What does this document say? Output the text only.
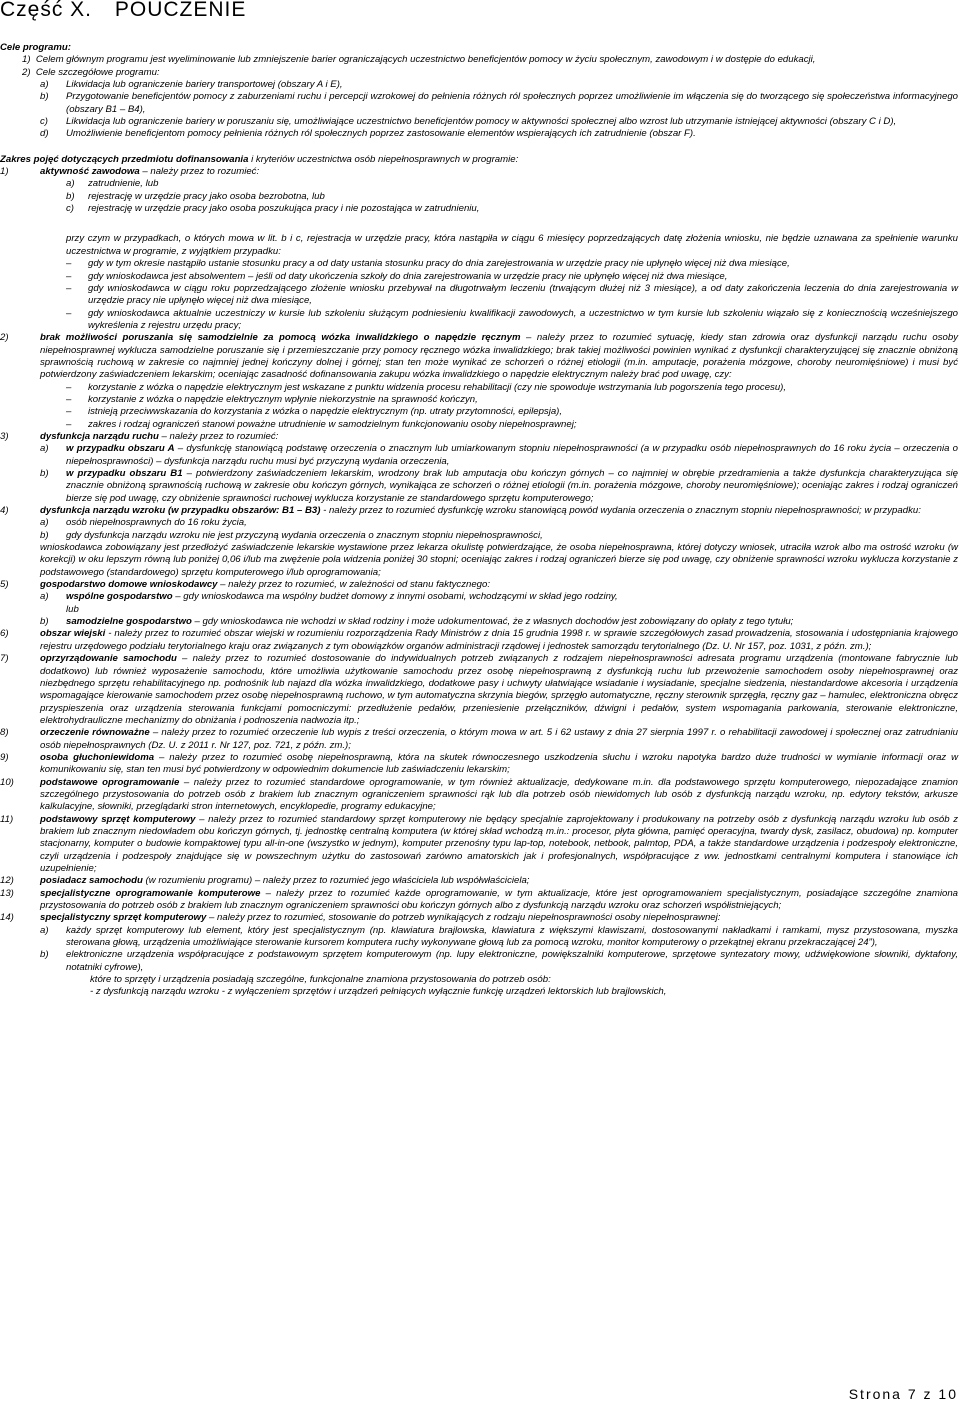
Część X. POUCZENIE

Cele programu:

1)  Celem głównym programu jest wyeliminowanie lub zmniejszenie barier ograniczających uczestnictwo beneficjentów pomocy w życiu społecznym, zawodowym i w dostępie do edukacji,

2)  Cele szczegółowe programu:

a)	Likwidacja lub ograniczenie bariery transportowej (obszary A i E),
b)	Przygotowanie beneficjentów pomocy z zaburzeniami ruchu i percepcji wzrokowej do pełnienia różnych ról społecznych poprzez umożliwienie im włączenia się do tworzącego się społeczeństwa informacyjnego (obszary B1 – B4),
c)	Likwidacja lub ograniczenie bariery w poruszaniu się, umożliwiające uczestnictwo beneficjentów pomocy w aktywności społecznej albo wzrost lub utrzymanie istniejącej aktywności (obszary C i D),
d)	Umożliwienie beneficjentom pomocy pełnienia różnych ról społecznych poprzez zastosowanie elementów wspierających ich zatrudnienie (obszar F).

Zakres pojęć dotyczących przedmiotu dofinansowania i kryteriów uczestnictwa osób niepełnosprawnych w programie:

1)	aktywność zawodowa – należy przez to rozumieć:
a)	zatrudnienie, lub
b)	rejestrację w urzędzie pracy jako osoba bezrobotna, lub
c)	rejestrację w urzędzie pracy jako osoba poszukująca pracy i nie pozostająca w zatrudnieniu,

przy czym w przypadkach, o których mowa w lit. b i c, rejestracja w urzędzie pracy, która nastąpiła w ciągu 6 miesięcy poprzedzających datę złożenia wniosku, nie będzie uznawana za spełnienie warunku uczestnictwa w programie, z wyjątkiem przypadku:

–	gdy w tym okresie nastąpiło ustanie stosunku pracy a od daty ustania stosunku pracy do dnia zarejestrowania w urzędzie pracy nie upłynęło więcej niż dwa miesiące,
–	gdy wnioskodawca jest absolwentem – jeśli od daty ukończenia szkoły do dnia zarejestrowania w urzędzie pracy nie upłynęło więcej niż dwa miesiące,
–	gdy wnioskodawca w ciągu roku poprzedzającego złożenie wniosku przebywał na długotrwałym leczeniu (trwającym dłużej niż 3 miesiące), a od daty zakończenia leczenia do dnia zarejestrowania w urzędzie pracy nie upłynęło więcej niż dwa miesiące,
–	gdy wnioskodawca aktualnie uczestniczy w kursie lub szkoleniu służącym podniesieniu kwalifikacji zawodowych, a uczestnictwo w tym kursie lub szkoleniu wiązało się z koniecznością wcześniejszego wykreślenia z rejestru urzędu pracy;
2)	brak możliwości poruszania się samodzielnie za pomocą wózka inwalidzkiego o napędzie ręcznym – należy przez to rozumieć sytuację, kiedy stan zdrowia oraz dysfunkcji narządu ruchu osoby niepełnosprawnej wyklucza samodzielne poruszanie się i przemieszczanie przy pomocy ręcznego wózka inwalidzkiego; brak takiej możliwości powinien wynikać z dysfunkcji charakteryzującej się znacznie obniżoną sprawnością ruchową w zakresie co najmniej jednej kończyny dolnej i górnej; stan ten może wynikać ze schorzeń o różnej etiologii (m.in. amputacje, porażenia mózgowe, choroby neuromięśniowe) i musi być potwierdzony zaświadczeniem lekarskim; oceniając zasadność dofinansowania zakupu wózka inwalidzkiego o napędzie elektrycznym należy brać pod uwagę, czy:
–	korzystanie z wózka o napędzie elektrycznym jest wskazane z punktu widzenia procesu rehabilitacji (czy nie spowoduje wstrzymania lub pogorszenia tego procesu),
–	korzystanie z wózka o napędzie elektrycznym wpłynie niekorzystnie na sprawność kończyn,
–	istnieją przeciwwskazania do korzystania z wózka o napędzie elektrycznym (np. utraty przytomności, epilepsja),
–	zakres i rodzaj ograniczeń stanowi poważne utrudnienie w samodzielnym funkcjonowaniu osoby niepełnosprawnej;
3)	dysfunkcja narządu ruchu – należy przez to rozumieć:
a)	w przypadku obszaru A – dysfunkcję stanowiącą podstawę orzeczenia o znacznym lub umiarkowanym stopniu niepełnosprawności (a w przypadku osób niepełnosprawnych do 16 roku życia – orzeczenia o niepełnosprawności) – dysfunkcja narządu ruchu musi być przyczyną wydania orzeczenia,
b)	w przypadku obszaru B1 – potwierdzony zaświadczeniem lekarskim, wrodzony brak lub amputacja obu kończyn górnych – co najmniej w obrębie przedramienia a także dysfunkcja charakteryzująca się znacznie obniżoną sprawnością ruchową w zakresie obu kończyn górnych, wynikająca ze schorzeń o różnej etiologii (m.in. porażenia mózgowe, choroby neuromięśniowe); oceniając zakres i rodzaj ograniczeń bierze się pod uwagę, czy obniżenie sprawności ruchowej wyklucza korzystanie ze standardowego sprzętu komputerowego;
4)	dysfunkcja narządu wzroku (w przypadku obszarów: B1 – B3) - należy przez to rozumieć dysfunkcję wzroku stanowiącą powód wydania orzeczenia o znacznym stopniu niepełnosprawności; w przypadku:
a)	osób niepełnosprawnych do 16 roku życia,
b)	gdy dysfunkcja narządu wzroku nie jest przyczyną wydania orzeczenia o znacznym stopniu niepełnosprawności,

wnioskodawca zobowiązany jest przedłożyć zaświadczenie lekarskie wystawione przez lekarza okulistę potwierdzające, że osoba niepełnosprawna, której dotyczy wniosek, utraciła wzrok albo ma ostrość wzroku (w korekcji) w oku lepszym równą lub poniżej 0,06 i/lub ma zwężenie pola widzenia poniżej 30 stopni; oceniając zakres i rodzaj ograniczeń bierze się pod uwagę, czy obniżenie sprawności wzroku wyklucza korzystanie z podstawowego (standardowego) sprzętu komputerowego i/lub oprogramowania;

5)	gospodarstwo domowe wnioskodawcy – należy przez to rozumieć, w zależności od stanu faktycznego:
a)	wspólne gospodarstwo – gdy wnioskodawca ma wspólny budżet domowy z innymi osobami, wchodzącymi w skład jego rodziny,
lub
b)	samodzielne gospodarstwo – gdy wnioskodawca nie wchodzi w skład rodziny i może udokumentować, że z własnych dochodów jest zobowiązany do opłaty z tego tytułu;
6)	obszar wiejski - należy przez to rozumieć obszar wiejski w rozumieniu rozporządzenia Rady Ministrów z dnia 15 grudnia 1998 r. w sprawie szczegółowych zasad prowadzenia, stosowania i udostępniania krajowego rejestru urzędowego podziału terytorialnego kraju oraz związanych z tym obowiązków organów administracji rządowej i jednostek samorządu terytorialnego (Dz. U. Nr 157, poz. 1031, z późn. zm.);
7)	oprzyrządowanie samochodu – należy przez to rozumieć dostosowanie do indywidualnych potrzeb związanych z rodzajem niepełnosprawności adresata programu urządzenia (montowane fabrycznie lub dodatkowo) lub również wyposażenie samochodu, które umożliwia użytkowanie samochodu przez osobę niepełnosprawną z dysfunkcją ruchu lub przewożenie samochodem osoby niepełnosprawnej oraz niezbędnego sprzętu rehabilitacyjnego np. podnośnik lub najazd dla wózka inwalidzkiego, dodatkowe pasy i uchwyty ułatwiające wsiadanie i wysiadanie, specjalne siedzenia, niestandardowe akcesoria i urządzenia wspomagające kierowanie samochodem przez osobę niepełnosprawną ruchowo, w tym automatyczna skrzynia biegów, sprzęgło automatyczne, ręczny sterownik sprzęgła, ręczny gaz – hamulec, elektroniczna obręcz przyspieszenia oraz urządzenia sterowania funkcjami pomocniczymi: przedłużenie pedałów, przeniesienie przełączników, dźwigni i pedałów, system wspomagania parkowania, sterowanie elektroniczne, elektrohydrauliczne mechanizmy do obniżania i podnoszenia nadwozia itp.;
8)	orzeczenie równoważne – należy przez to rozumieć orzeczenie lub wypis z treści orzeczenia, o którym mowa w art. 5 i 62 ustawy z dnia 27 sierpnia 1997 r. o rehabilitacji zawodowej i społecznej oraz zatrudnianiu osób niepełnosprawnych (Dz. U. z 2011 r. Nr 127, poz. 721, z późn. zm.);
9)	osoba głuchoniewidoma – należy przez to rozumieć osobę niepełnosprawną, która na skutek równoczesnego uszkodzenia słuchu i wzroku napotyka bardzo duże trudności w wymianie informacji oraz w komunikowaniu się, stan ten musi być potwierdzony w odpowiednim dokumencie lub zaświadczeniu lekarskim;
10)	podstawowe oprogramowanie – należy przez to rozumieć standardowe oprogramowanie, w tym również aktualizacje, dedykowane m.in. dla podstawowego sprzętu komputerowego, niepozadające znamion szczególnego przystosowania do potrzeb osób z brakiem lub znacznym ograniczeniem sprawności rąk lub dla potrzeb osób niewidomych lub osób z dysfunkcją narządu wzroku, np. edytory tekstów, arkusze kalkulacyjne, słowniki, przeglądarki stron internetowych, encyklopedie, programy edukacyjne;
11)	podstawowy sprzęt komputerowy – należy przez to rozumieć standardowy sprzęt komputerowy nie będący specjalnie zaprojektowany i produkowany na potrzeby osób z dysfunkcją narządu wzroku lub osób z brakiem lub znacznym niedowładem obu kończyn górnych, tj. jednostkę centralną komputera (w której skład wchodzą m.in.: procesor, płyta główna, pamięć operacyjna, twardy dysk, zasilacz, obudowa) np. komputer stacjonarny, komputer o budowie kompaktowej typu all-in-one (wszystko w jednym), komputer przenośny typu lap-top, notebook, netbook, palmtop, PDA, a także standardowe urządzenia i podzespoły elektroniczne, czyli urządzenia i podzespoły znajdujące się w powszechnym użytku do zastosowań zarówno amatorskich jak i profesjonalnych, współpracujące z ww. jednostkami centralnymi komputera i stanowiące ich uzupełnienie;
12)	posiadacz samochodu (w rozumieniu programu) – należy przez to rozumieć jego właściciela lub współwłaściciela;
13)	specjalistyczne oprogramowanie komputerowe – należy przez to rozumieć każde oprogramowanie, w tym aktualizacje, które jest oprogramowaniem specjalistycznym, posiadające szczególne znamiona przystosowania do potrzeb osób z brakiem lub znacznym ograniczeniem sprawności obu kończyn górnych albo z dysfunkcją narządu wzroku oraz schorzeń współistniejących;
14)	specjalistyczny sprzęt komputerowy – należy przez to rozumieć, stosowanie do potrzeb wynikających z rodzaju niepełnosprawności osoby niepełnosprawnej:
a)	każdy sprzęt komputerowy lub element, który jest specjalistycznym (np. klawiatura brajlowska, klawiatura z większymi klawiszami, dostosowanymi nakładkami i ramkami, mysz przystosowana, myszka sterowana głową, urządzenia umożliwiające sterowanie kursorem komputera ruchy wykonywane głową lub za pomocą wzroku, monitor komputerowy o przekątnej ekranu przekraczającej 24”),
b)	elektroniczne urządzenia współpracujące z podstawowym sprzętem komputerowym (np. lupy elektroniczne, powiększalniki komputerowe, sprzętowe syntezatory mowy, udźwiękowione słowniki, dyktafony, notatniki cyfrowe),

które to sprzęty i urządzenia posiadają szczególne, funkcjonalne znamiona przystosowania do potrzeb osób:

- z dysfunkcją narządu wzroku - z wyłączeniem sprzętów i urządzeń pełniących wyłącznie funkcję urządzeń lektorskich lub brajlowskich,

Strona 7 z 10
